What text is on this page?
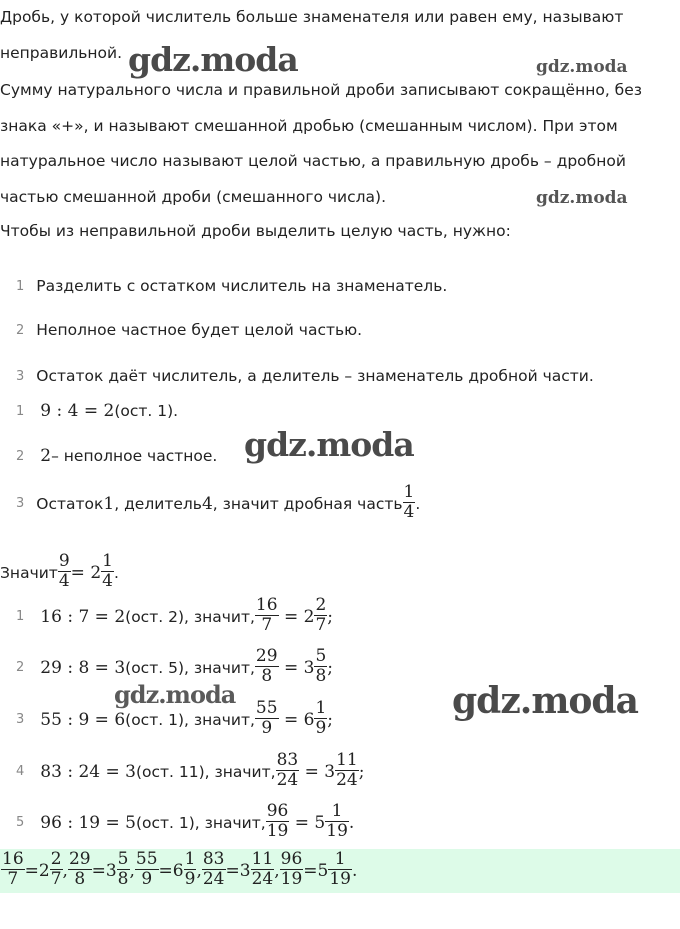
Дробь, у которой числитель больше знаменателя или равен ему, называют
неправильной.
Сумму натурального числа и правильной дроби записывают сокращённо, без
знака «+», и называют смешанной дробью (смешанным числом). При этом
натуральное число называют целой частью, а правильную дробь – дробной
частью смешанной дроби (смешанного числа).
Чтобы из неправильной дроби выделить целую часть, нужно:
1 Разделить с остатком числитель на знаменатель.
2 Неполное частное будет целой частью.
3 Остаток даёт числитель, а делитель – знаменатель дробной части.
1 9 : 4 = 2 (ост. 1).
2 2 – неполное частное.
3 Остаток 1 , делитель 4 , значит дробная часть $\frac{1}{4}$ .
Значит $\frac{9}{4} = 2 \frac{1}{4}$ .
1 16 : 7 = 2 (ост. 2), значит, $\frac{16}{7} = 2 \frac{2}{7}$ ;
2 29 : 8 = 3 (ост. 5), значит, $\frac{29}{8} = 3 \frac{5}{8}$ ;
3 55 : 9 = 6 (ост. 1), значит, $\frac{55}{9} = 6 \frac{1}{9}$ ;
4 83 : 24 = 3 (ост. 11), значит, $\frac{83}{24} = 3 \frac{11}{24}$ ;
5 96 : 19 = 5 (ост. 1), значит, $\frac{96}{19} = 5 \frac{1}{19}$ .
$\frac{16}{7} = 2 \frac{2}{7}$ , $\frac{29}{8} = 3 \frac{5}{8}$ , $\frac{55}{9} = 6 \frac{1}{9}$ , $\frac{83}{24} = 3 \frac{11}{24}$ , $\frac{96}{19} = 5 \frac{1}{19}$ .
gdz.moda	gdz.moda
gdz.moda
gdz.moda
gdz.moda	gdz.moda
